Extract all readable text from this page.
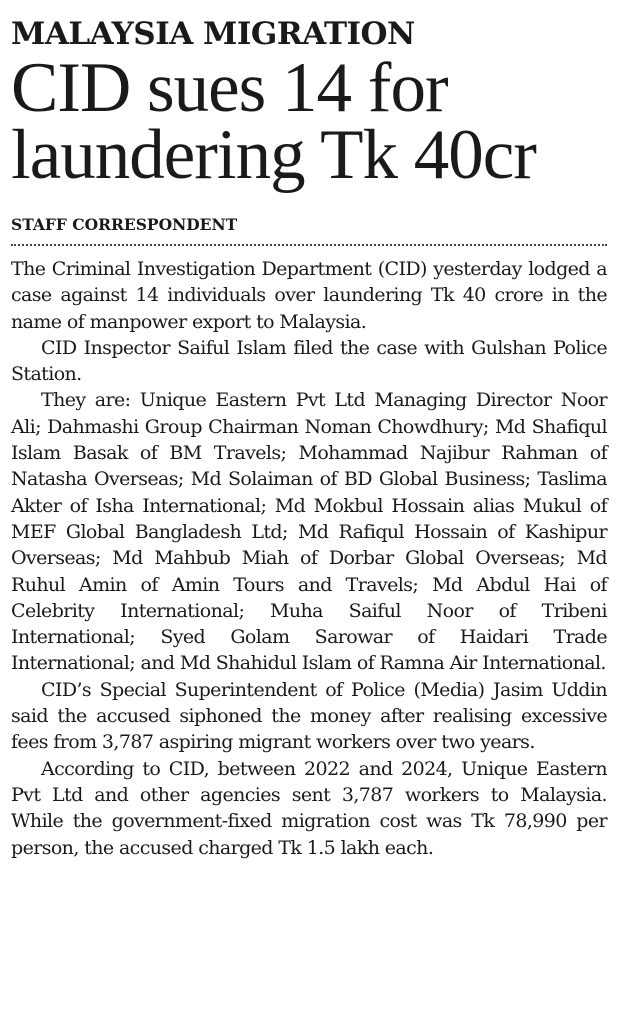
MALAYSIA MIGRATION
CID sues 14 for
laundering Tk 40cr
STAFF CORRESPONDENT

The Criminal Investigation Department (CID) yesterday lodged a case against 14 individuals over laundering Tk 40 crore in the name of manpower export to Malaysia.

CID Inspector Saiful Islam filed the case with Gulshan Police Station.

They are: Unique Eastern Pvt Ltd Managing Director Noor Ali; Dahmashi Group Chairman Noman Chowdhury; Md Shafiqul Islam Basak of BM Travels; Mohammad Najibur Rahman of Natasha Overseas; Md Solaiman of BD Global Business; Taslima Akter of Isha International; Md Mokbul Hossain alias Mukul of MEF Global Bangladesh Ltd; Md Rafiqul Hossain of Kashipur Overseas; Md Mahbub Miah of Dorbar Global Overseas; Md Ruhul Amin of Amin Tours and Travels; Md Abdul Hai of Celebrity International; Muha Saiful Noor of Tribeni International; Syed Golam Sarowar of Haidari Trade International; and Md Shahidul Islam of Ramna Air International.

CID’s Special Superintendent of Police (Media) Jasim Uddin said the accused siphoned the money after realising excessive fees from 3,787 aspiring migrant workers over two years.

According to CID, between 2022 and 2024, Unique Eastern Pvt Ltd and other agencies sent 3,787 workers to Malaysia. While the government-fixed migration cost was Tk 78,990 per person, the accused charged Tk 1.5 lakh each.
